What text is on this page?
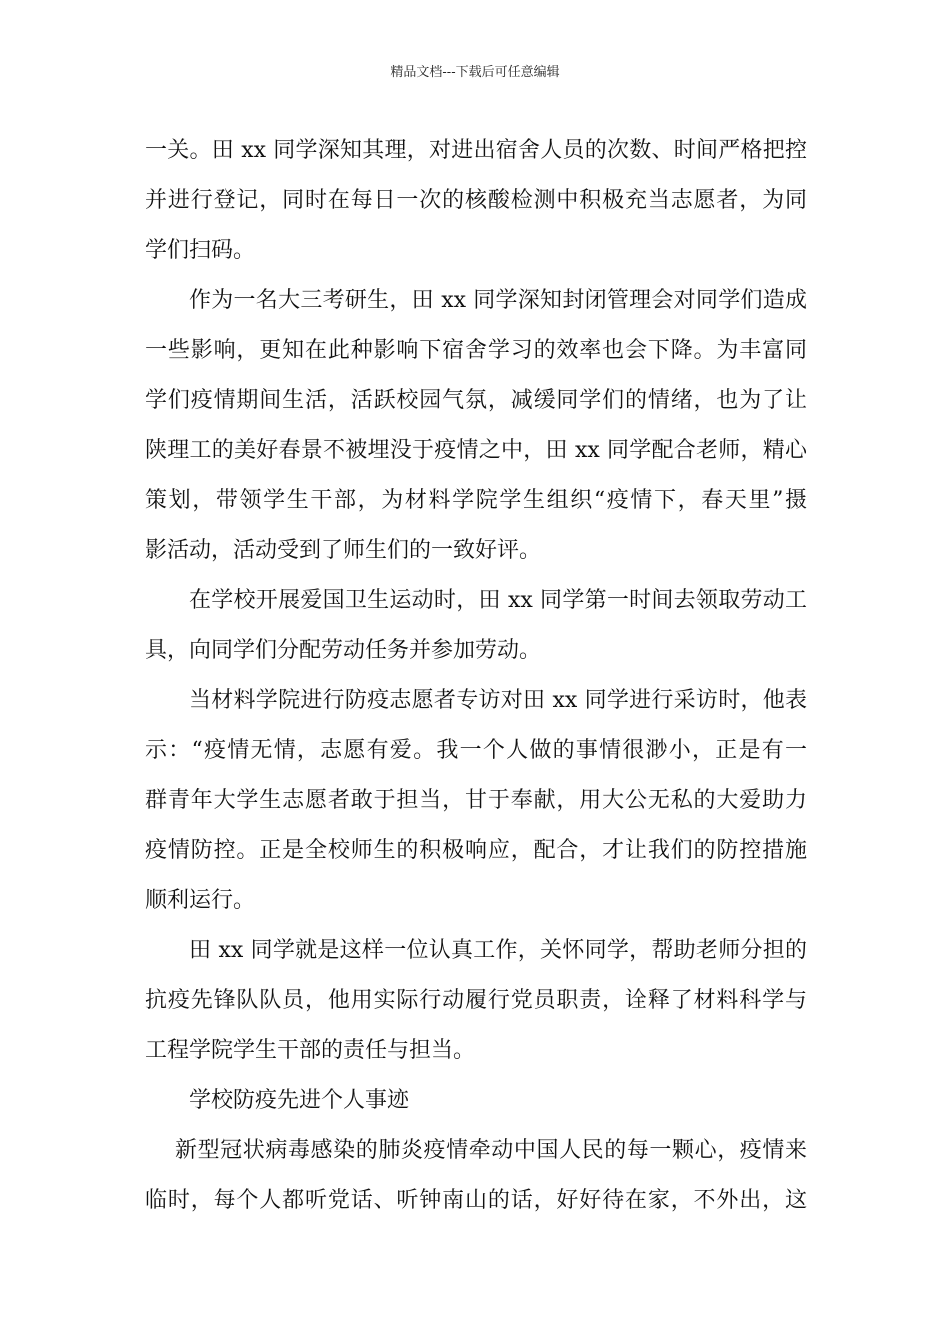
精品文档---下载后可任意编辑
一关。田 xx 同学深知其理，对进出宿舍人员的次数、时间严格把控
并进行登记，同时在每日一次的核酸检测中积极充当志愿者，为同
学们扫码。
作为一名大三考研生，田 xx 同学深知封闭管理会对同学们造成
一些影响，更知在此种影响下宿舍学习的效率也会下降。为丰富同
学们疫情期间生活，活跃校园气氛，减缓同学们的情绪，也为了让
陕理工的美好春景不被埋没于疫情之中，田 xx 同学配合老师，精心
策划，带领学生干部，为材料学院学生组织“疫情下，春天里”摄
影活动，活动受到了师生们的一致好评。
在学校开展爱国卫生运动时，田 xx 同学第一时间去领取劳动工
具，向同学们分配劳动任务并参加劳动。
当材料学院进行防疫志愿者专访对田 xx 同学进行采访时，他表
示：“疫情无情，志愿有爱。我一个人做的事情很渺小，正是有一
群青年大学生志愿者敢于担当，甘于奉献，用大公无私的大爱助力
疫情防控。正是全校师生的积极响应，配合，才让我们的防控措施
顺利运行。
田 xx 同学就是这样一位认真工作，关怀同学，帮助老师分担的
抗疫先锋队队员，他用实际行动履行党员职责，诠释了材料科学与
工程学院学生干部的责任与担当。
学校防疫先进个人事迹
新型冠状病毒感染的肺炎疫情牵动中国人民的每一颗心，疫情来
临时，每个人都听党话、听钟南山的话，好好待在家，不外出，这
